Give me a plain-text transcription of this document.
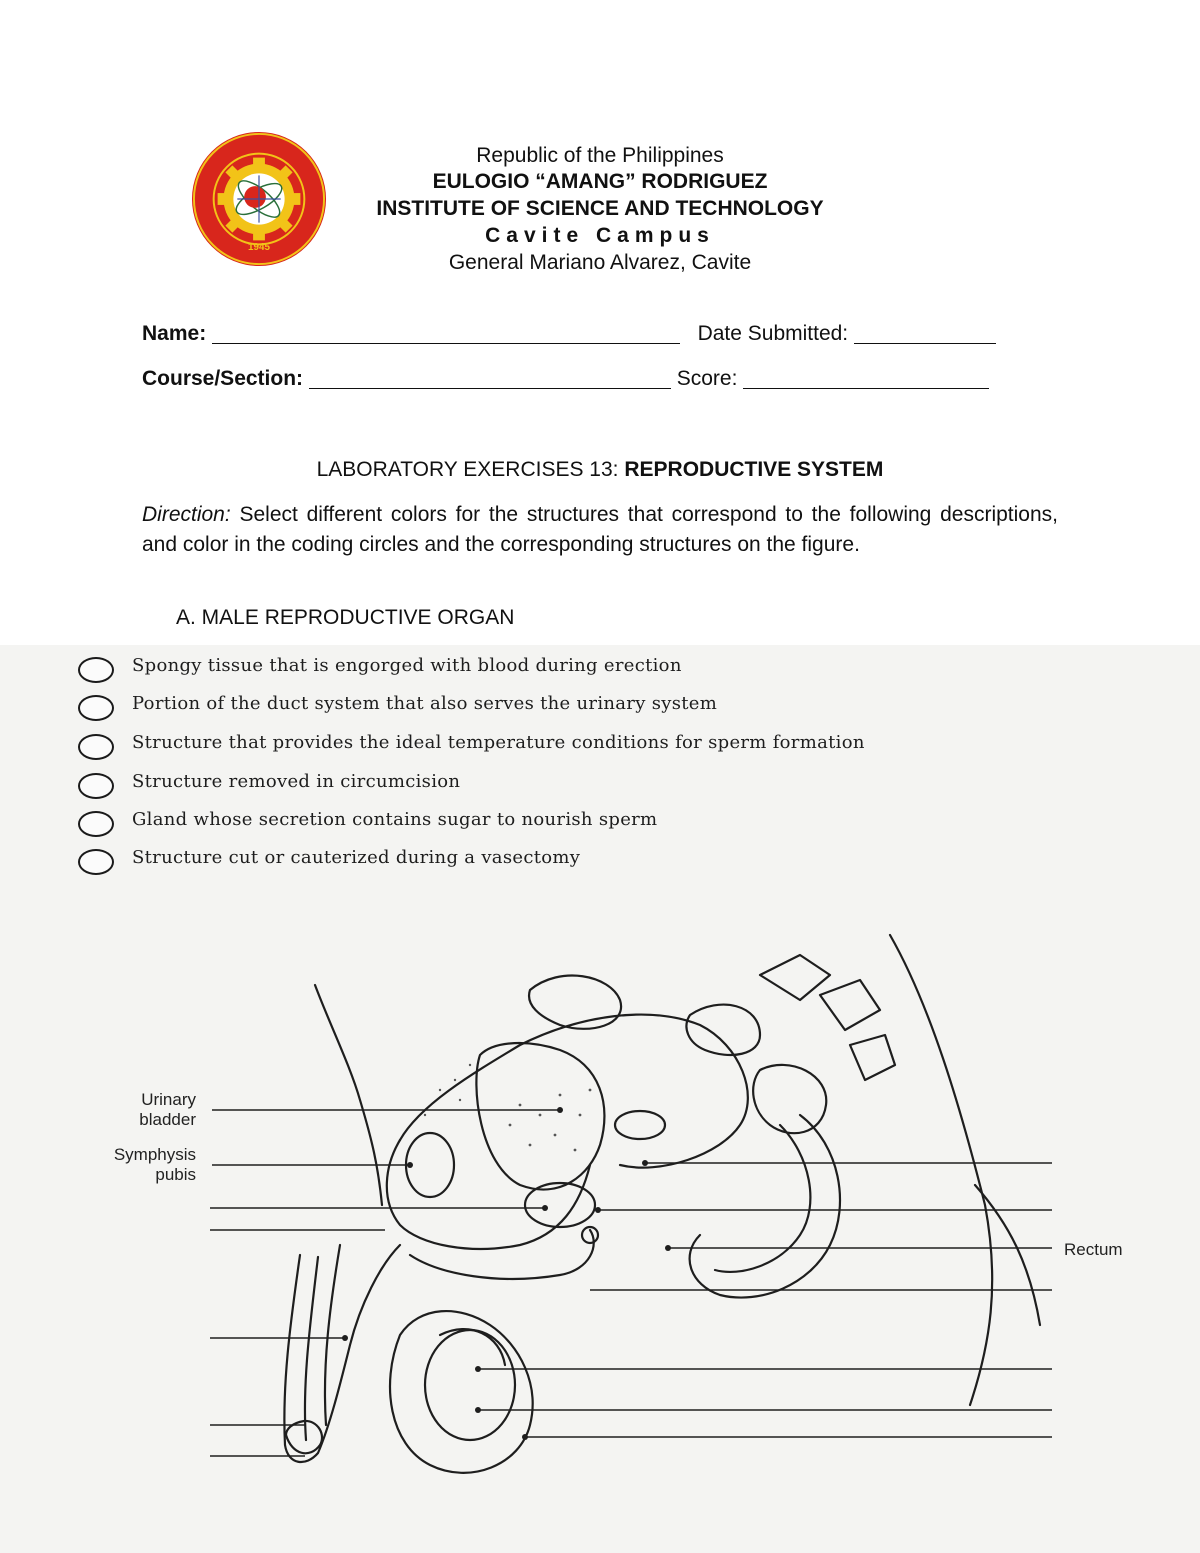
1945
Republic of the Philippines
EULOGIO “AMANG” RODRIGUEZ
INSTITUTE OF SCIENCE AND TECHNOLOGY
Cavite Campus
General Mariano Alvarez, Cavite
Name:	Date Submitted:
Course/Section:	Score:
LABORATORY EXERCISES 13: REPRODUCTIVE SYSTEM
Direction: Select different colors for the structures that correspond to the following descriptions, and color in the coding circles and the corresponding structures on the figure.
A. MALE REPRODUCTIVE ORGAN
Spongy tissue that is engorged with blood during erection
Portion of the duct system that also serves the urinary system
Structure that provides the ideal temperature conditions for sperm formation
Structure removed in circumcision
Gland whose secretion contains sugar to nourish sperm
Structure cut or cauterized during a vasectomy
Urinary
bladder
Symphysis
pubis
Rectum
